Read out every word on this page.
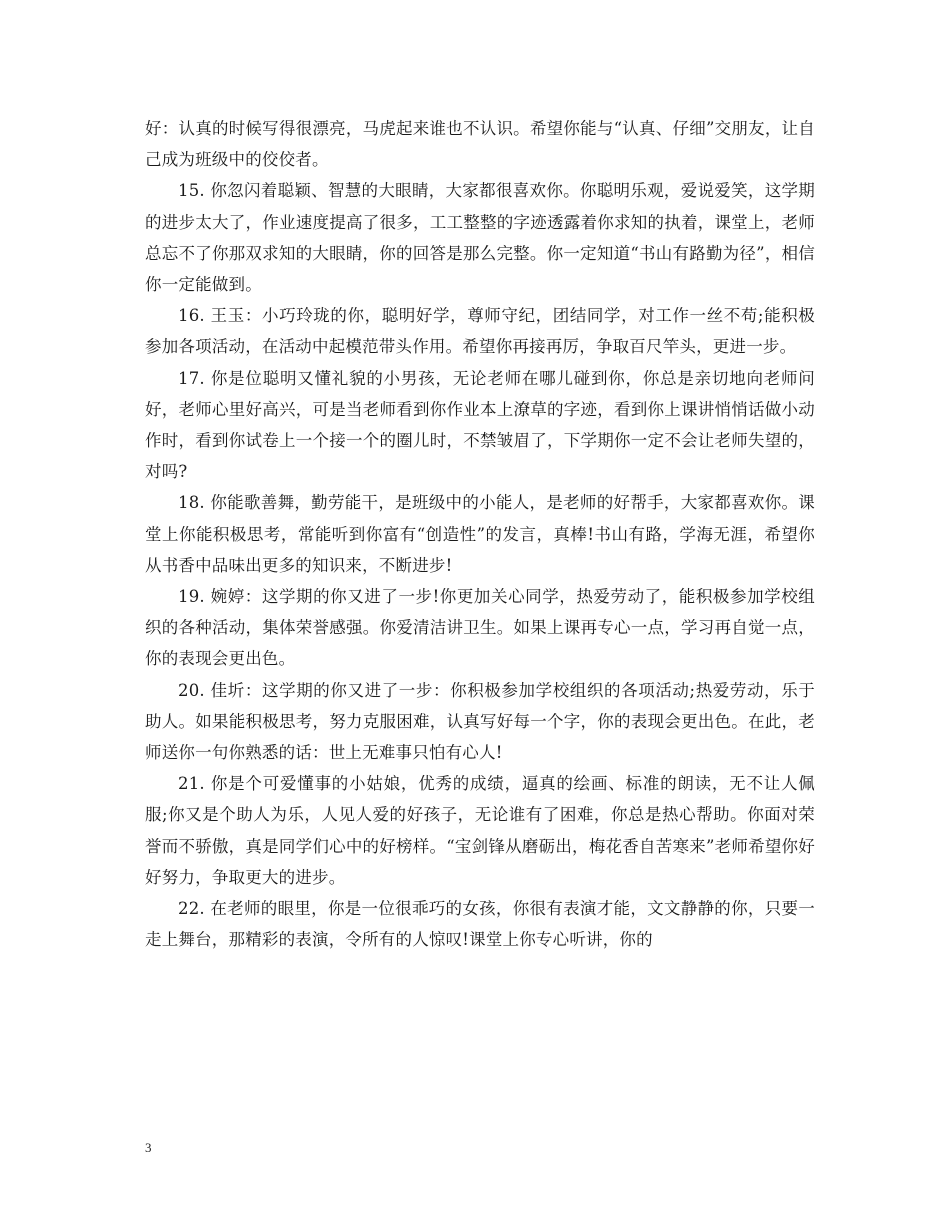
好：认真的时候写得很漂亮，马虎起来谁也不认识。希望你能与“认真、仔细”交朋友，让自己成为班级中的佼佼者。

15. 你忽闪着聪颖、智慧的大眼睛，大家都很喜欢你。你聪明乐观，爱说爱笑，这学期的进步太大了，作业速度提高了很多，工工整整的字迹透露着你求知的执着，课堂上，老师总忘不了你那双求知的大眼睛，你的回答是那么完整。你一定知道“书山有路勤为径”，相信你一定能做到。

16. 王玉：小巧玲珑的你，聪明好学，尊师守纪，团结同学，对工作一丝不苟;能积极参加各项活动，在活动中起模范带头作用。希望你再接再厉，争取百尺竿头，更进一步。

17. 你是位聪明又懂礼貌的小男孩，无论老师在哪儿碰到你，你总是亲切地向老师问好，老师心里好高兴，可是当老师看到你作业本上潦草的字迹，看到你上课讲悄悄话做小动作时，看到你试卷上一个接一个的圈儿时，不禁皱眉了，下学期你一定不会让老师失望的，对吗?

18. 你能歌善舞，勤劳能干，是班级中的小能人，是老师的好帮手，大家都喜欢你。课堂上你能积极思考，常能听到你富有“创造性”的发言，真棒!书山有路，学海无涯，希望你从书香中品味出更多的知识来，不断进步!

19. 婉婷：这学期的你又进了一步!你更加关心同学，热爱劳动了，能积极参加学校组织的各种活动，集体荣誉感强。你爱清洁讲卫生。如果上课再专心一点，学习再自觉一点，你的表现会更出色。

20. 佳圻：这学期的你又进了一步：你积极参加学校组织的各项活动;热爱劳动，乐于助人。如果能积极思考，努力克服困难，认真写好每一个字，你的表现会更出色。在此，老师送你一句你熟悉的话：世上无难事只怕有心人!

21. 你是个可爱懂事的小姑娘，优秀的成绩，逼真的绘画、标准的朗读，无不让人佩服;你又是个助人为乐，人见人爱的好孩子，无论谁有了困难，你总是热心帮助。你面对荣誉而不骄傲，真是同学们心中的好榜样。“宝剑锋从磨砺出，梅花香自苦寒来”老师希望你好好努力，争取更大的进步。

22. 在老师的眼里，你是一位很乖巧的女孩，你很有表演才能，文文静静的你，只要一走上舞台，那精彩的表演，令所有的人惊叹!课堂上你专心听讲，你的

3
